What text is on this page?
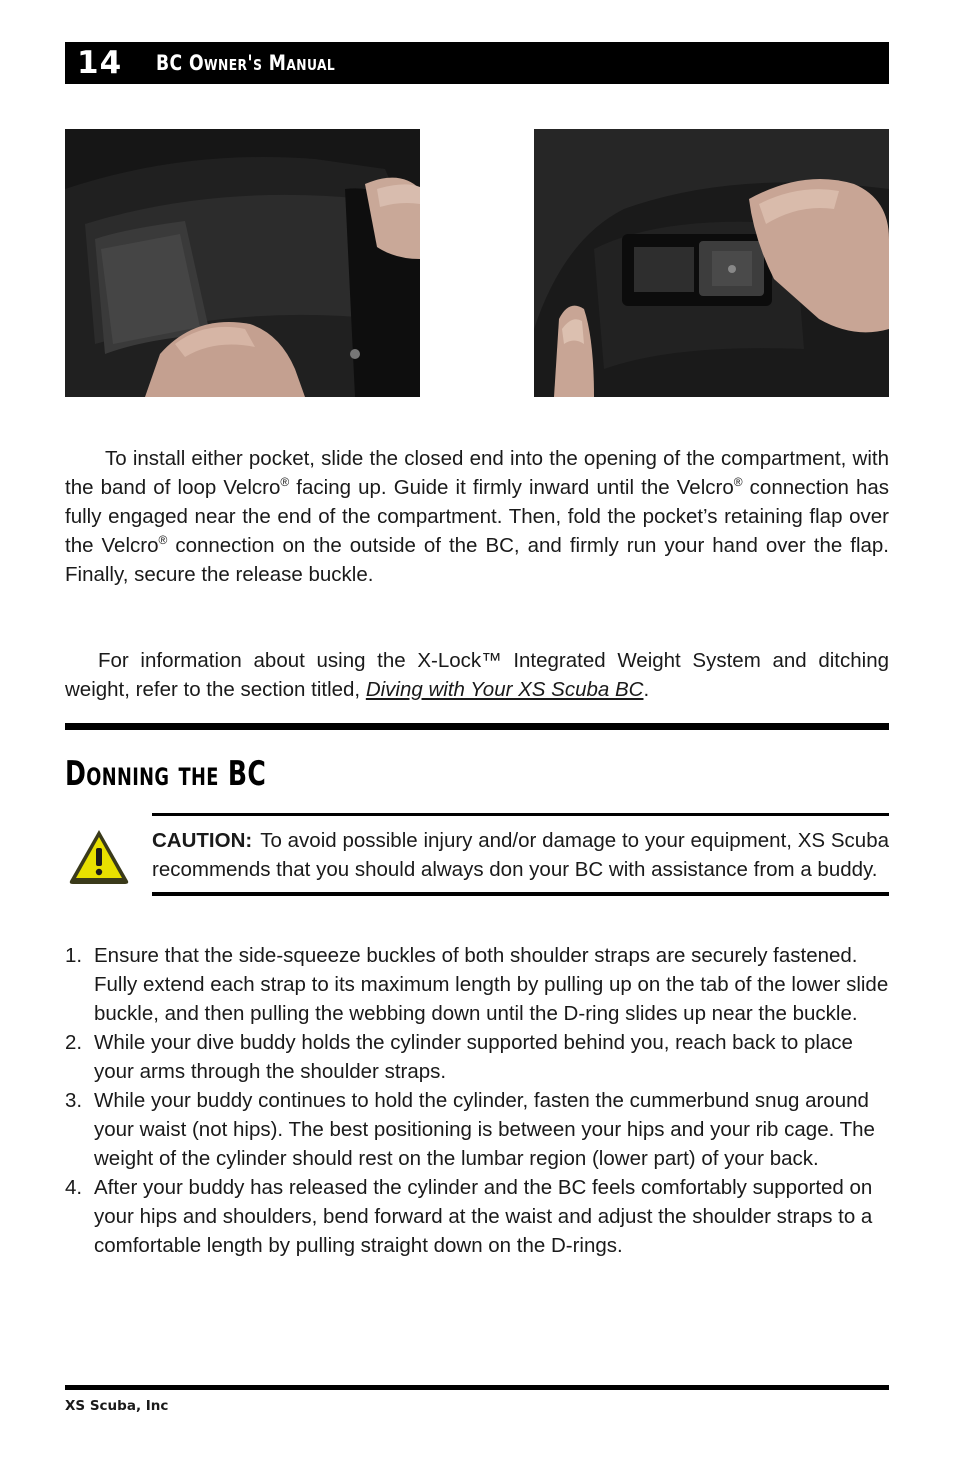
14 BC Owner's Manual

To install either pocket, slide the closed end into the opening of the compartment, with the band of loop Velcro® facing up. Guide it firmly inward until the Velcro® connection has fully engaged near the end of the compartment. Then, fold the pocket’s retaining flap over the Velcro® connection on the outside of the BC, and firmly run your hand over the flap. Finally, secure the release buckle.

For information about using the X-Lock™ Integrated Weight System and ditching weight, refer to the section titled, Diving with Your XS Scuba BC.

Donning the BC
CAUTION: To avoid possible injury and/or damage to your equipment, XS Scuba recommends that you should always don your BC with assistance from a buddy.
1. Ensure that the side-squeeze buckles of both shoulder straps are securely fastened. Fully extend each strap to its maximum length by pulling up on the tab of the lower slide buckle, and then pulling the webbing down until the D-ring slides up near the buckle.
2. While your dive buddy holds the cylinder supported behind you, reach back to place your arms through the shoulder straps.
3. While your buddy continues to hold the cylinder, fasten the cummerbund snug around your waist (not hips). The best positioning is between your hips and your rib cage. The weight of the cylinder should rest on the lumbar region (lower part) of your back.
4. After your buddy has released the cylinder and the BC feels comfortably supported on your hips and shoulders, bend forward at the waist and adjust the shoulder straps to a comfortable length by pulling straight down on the D-rings.
XS Scuba, Inc
